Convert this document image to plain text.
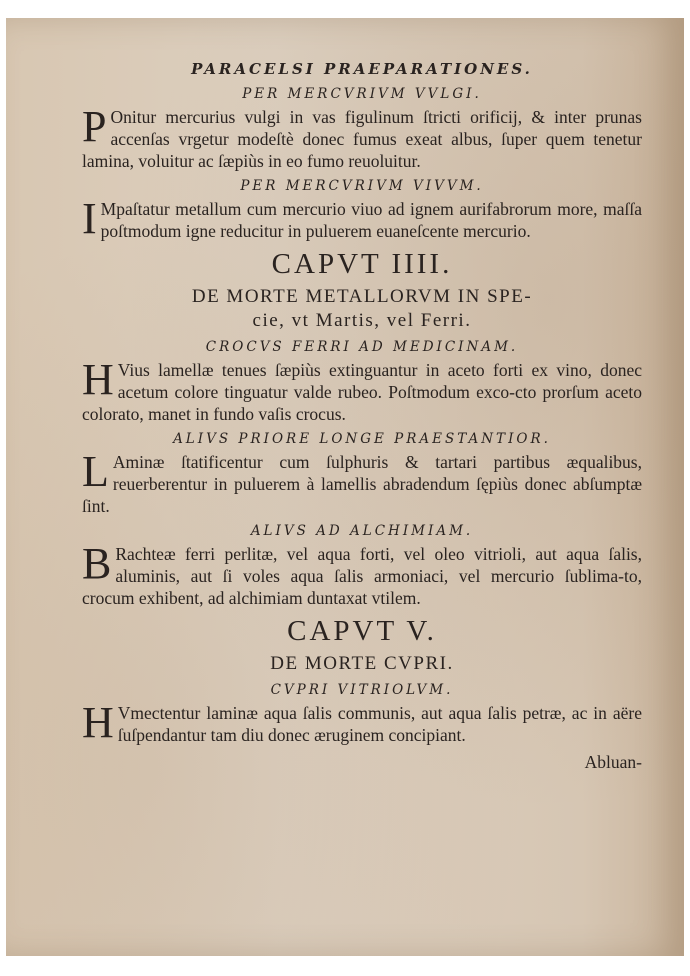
PARACELSI PRAEPARATIONES.
PER MERCVRIVM VVLGI.
P Onitur mercurius vulgi in vas figulinum ſtricti orificij, & inter prunas accenſas vrgetur modeſtè donec fumus exeat albus, ſuper quem tenetur lamina, voluitur ac ſæpiùs in eo fumo reuoluitur.
PER MERCVRIVM VIVVM.
I Mpaſtatur metallum cum mercurio viuo ad ignem aurifabrorum more, maſſa poſtmodum igne reducitur in puluerem euaneſcente mercurio.
CAPVT IIII.
DE MORTE METALLORVM IN SPE-
cie, vt Martis, vel Ferri.
CROCVS FERRI AD MEDICINAM.
H Vius lamellæ tenues ſæpiùs extinguantur in aceto forti ex vino, donec acetum colore tinguatur valde rubeo. Poſtmodum exco-cto prorſum aceto colorato, manet in fundo vaſis crocus.
ALIVS PRIORE LONGE PRAESTANTIOR.
L Aminæ ſtatificentur cum ſulphuris & tartari partibus æqualibus, reuerberentur in puluerem à lamellis abradendum ſępiùs donec abſumptæ ſint.
ALIVS AD ALCHIMIAM.
B Rachteæ ferri perlitæ, vel aqua forti, vel oleo vitrioli, aut aqua ſalis, aluminis, aut ſi voles aqua ſalis armoniaci, vel mercurio ſublima-to, crocum exhibent, ad alchimiam duntaxat vtilem.
CAPVT V.
DE MORTE CVPRI.
CVPRI VITRIOLVM.
H Vmectentur laminæ aqua ſalis communis, aut aqua ſalis petræ, ac in aëre ſuſpendantur tam diu donec æruginem concipiant.
Abluan-
